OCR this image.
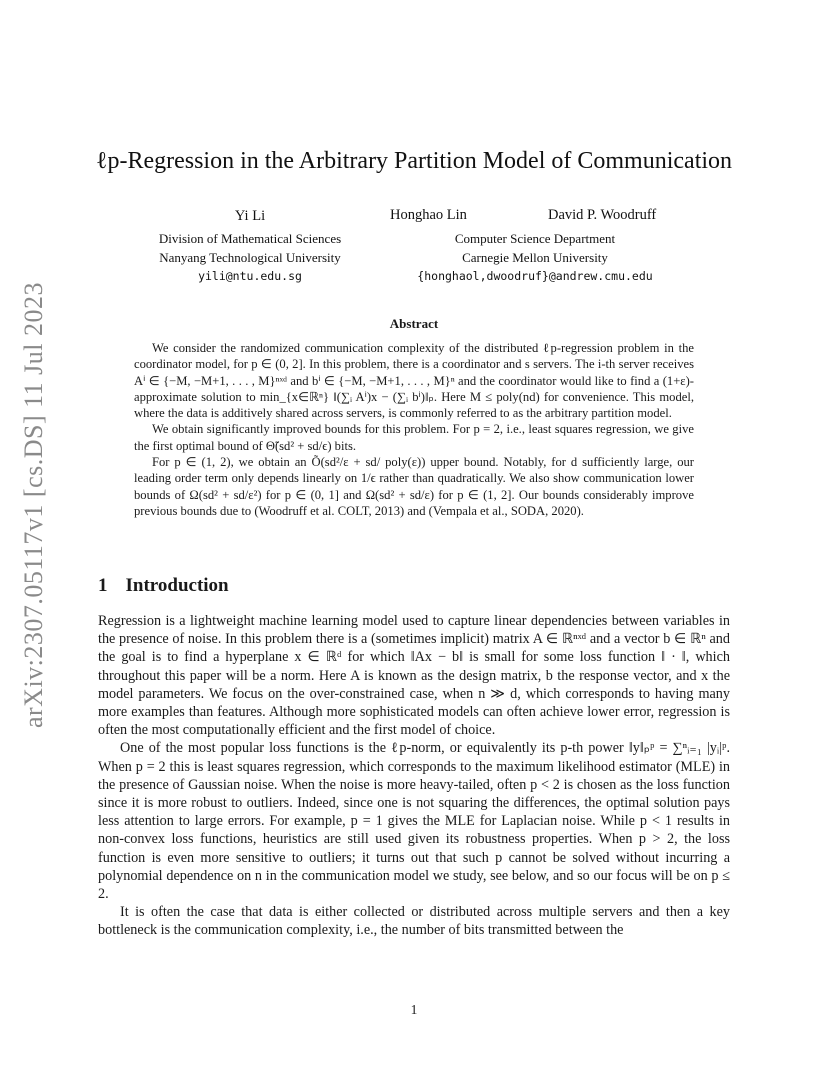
arXiv:2307.05117v1 [cs.DS] 11 Jul 2023
ℓp-Regression in the Arbitrary Partition Model of Communication
Yi Li
Division of Mathematical Sciences
Nanyang Technological University
yili@ntu.edu.sg
Honghao Lin	David P. Woodruff
Computer Science Department
Carnegie Mellon University
{honghaol,dwoodruf}@andrew.cmu.edu
Abstract

We consider the randomized communication complexity of the distributed ℓp-regression problem in the coordinator model, for p ∈ (0, 2]. In this problem, there is a coordinator and s servers. The i-th server receives Aⁱ ∈ {−M, −M+1, . . . , M}ⁿˣᵈ and bⁱ ∈ {−M, −M+1, . . . , M}ⁿ and the coordinator would like to find a (1+ε)-approximate solution to min_{x∈ℝⁿ} ‖(∑ᵢ Aⁱ)x − (∑ᵢ bⁱ)‖ₚ. Here M ≤ poly(nd) for convenience. This model, where the data is additively shared across servers, is commonly referred to as the arbitrary partition model.

We obtain significantly improved bounds for this problem. For p = 2, i.e., least squares regression, we give the first optimal bound of Θ̃(sd² + sd/ϵ) bits.

For p ∈ (1, 2), we obtain an Õ(sd²/ε + sd/ poly(ε)) upper bound. Notably, for d sufficiently large, our leading order term only depends linearly on 1/ϵ rather than quadratically. We also show communication lower bounds of Ω(sd² + sd/ε²) for p ∈ (0, 1] and Ω(sd² + sd/ε) for p ∈ (1, 2]. Our bounds considerably improve previous bounds due to (Woodruff et al. COLT, 2013) and (Vempala et al., SODA, 2020).

1 Introduction

Regression is a lightweight machine learning model used to capture linear dependencies between variables in the presence of noise. In this problem there is a (sometimes implicit) matrix A ∈ ℝⁿˣᵈ and a vector b ∈ ℝⁿ and the goal is to find a hyperplane x ∈ ℝᵈ for which ‖Ax − b‖ is small for some loss function ‖ · ‖, which throughout this paper will be a norm. Here A is known as the design matrix, b the response vector, and x the model parameters. We focus on the over-constrained case, when n ≫ d, which corresponds to having many more examples than features. Although more sophisticated models can often achieve lower error, regression is often the most computationally efficient and the first model of choice.

One of the most popular loss functions is the ℓp-norm, or equivalently its p-th power ‖y‖ₚᵖ = ∑ⁿᵢ₌₁ |yᵢ|ᵖ. When p = 2 this is least squares regression, which corresponds to the maximum likelihood estimator (MLE) in the presence of Gaussian noise. When the noise is more heavy-tailed, often p < 2 is chosen as the loss function since it is more robust to outliers. Indeed, since one is not squaring the differences, the optimal solution pays less attention to large errors. For example, p = 1 gives the MLE for Laplacian noise. While p < 1 results in non-convex loss functions, heuristics are still used given its robustness properties. When p > 2, the loss function is even more sensitive to outliers; it turns out that such p cannot be solved without incurring a polynomial dependence on n in the communication model we study, see below, and so our focus will be on p ≤ 2.

It is often the case that data is either collected or distributed across multiple servers and then a key bottleneck is the communication complexity, i.e., the number of bits transmitted between the

1
